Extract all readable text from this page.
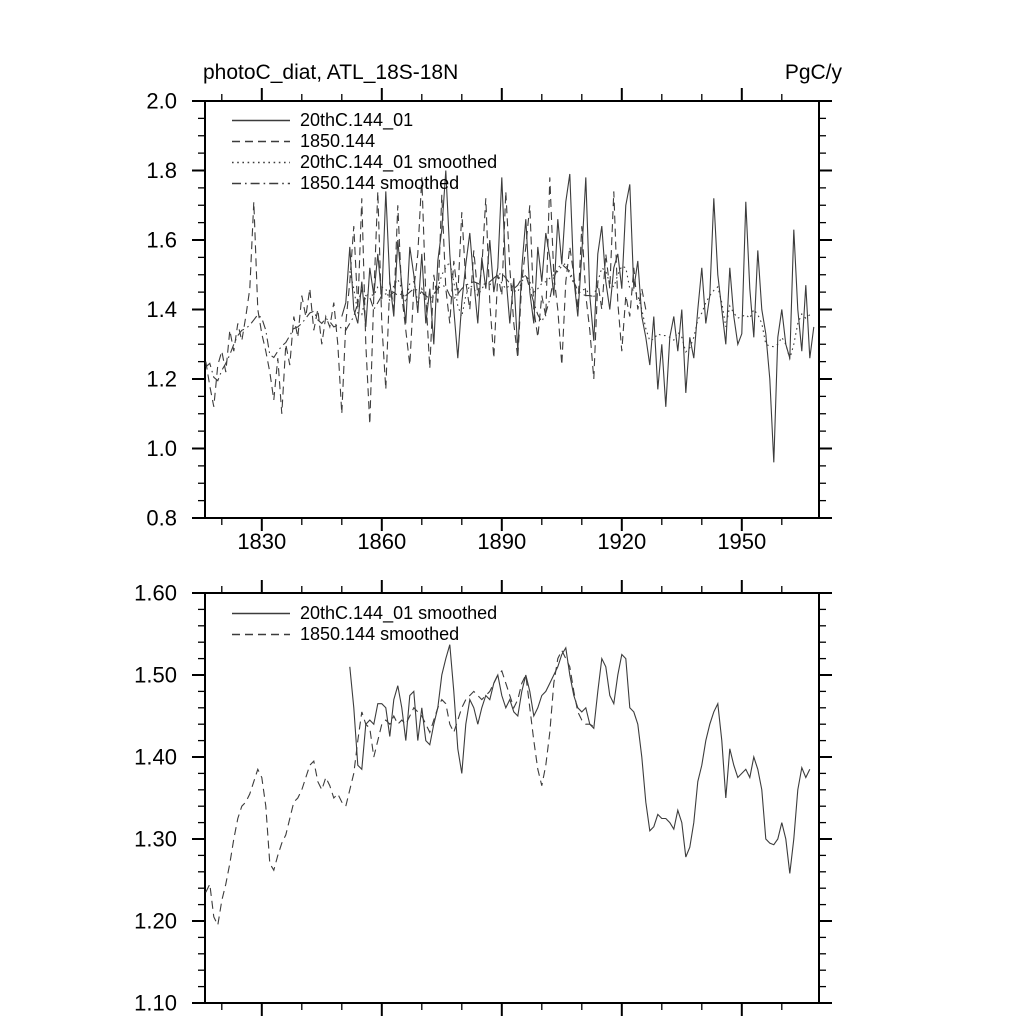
2.0
1.8
1.6
1.4
1.2
1.0
0.8
1830	1860	1890	1920	1950
1.60
1.50
1.40
1.30
1.20
1.10
photoC_diat, ATL_18S-18N	PgC/y
20thC.144_01
1850.144
20thC.144_01 smoothed
1850.144 smoothed
20thC.144_01 smoothed
1850.144 smoothed
